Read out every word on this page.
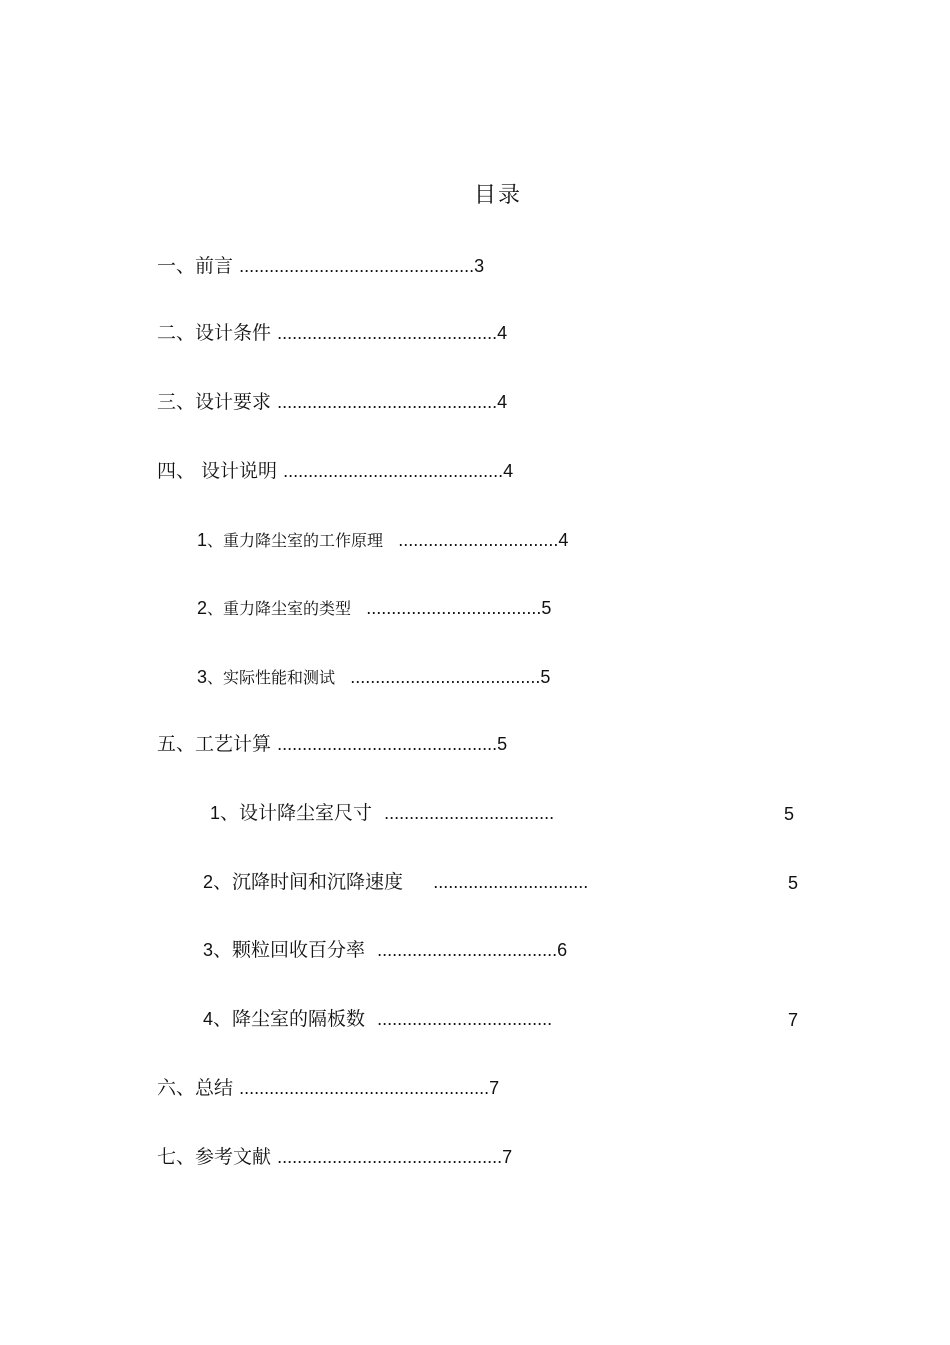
目录
一、前言 ...............................................3
二、设计条件 ............................................4
三、设计要求 ............................................4
四、 设计说明 ............................................4
1、重力降尘室的工作原理 ................................4
2、重力降尘室的类型 ...................................5
3、实际性能和测试 ......................................5
五、工艺计算 ............................................5
1、设计降尘室尺寸 ..................................	5
2、沉降时间和沉降速度 ...............................	5
3、颗粒回收百分率 ....................................6
4、降尘室的隔板数 ...................................	7
六、总结 ..................................................7
七、参考文献 .............................................7
